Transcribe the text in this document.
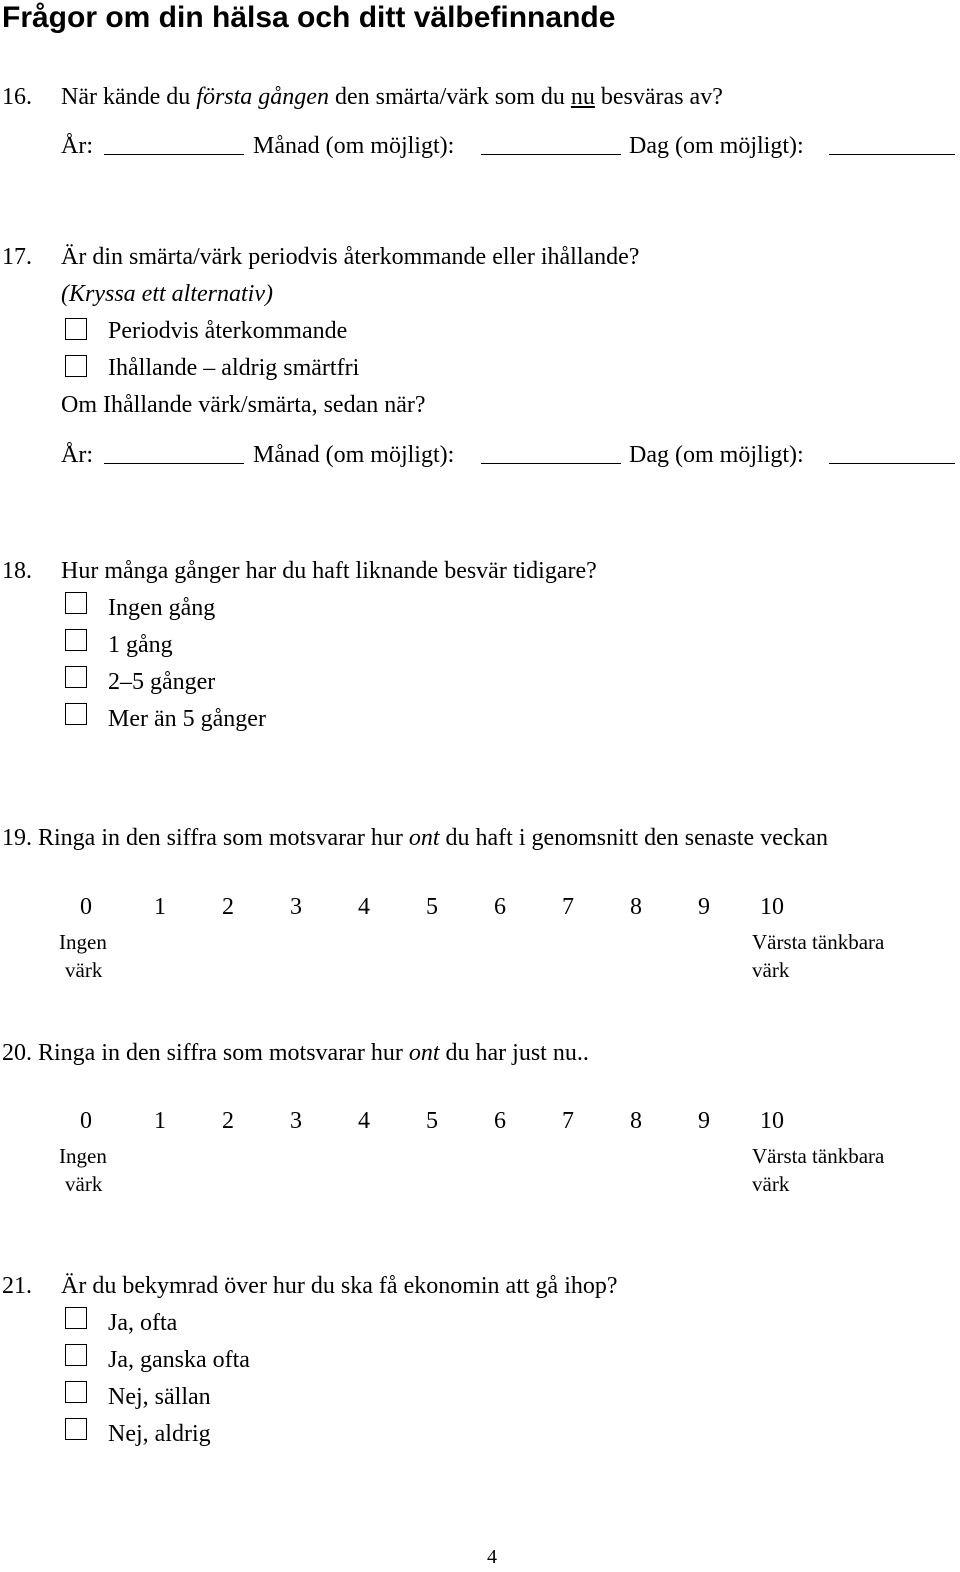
Frågor om din hälsa och ditt välbefinnande
16. När kände du första gången den smärta/värk som du nu besväras av?
År:	Månad (om möjligt):	Dag (om möjligt):
17. Är din smärta/värk periodvis återkommande eller ihållande?
(Kryssa ett alternativ)
Periodvis återkommande
Ihållande – aldrig smärtfri
Om Ihållande värk/smärta, sedan när?
År:	Månad (om möjligt):	Dag (om möjligt):
18. Hur många gånger har du haft liknande besvär tidigare?
Ingen gång
1 gång
2–5 gånger
Mer än 5 gånger
19. Ringa in den siffra som motsvarar hur ont du haft i genomsnitt den senaste veckan
0	1 2 3 4 5 6 7 8 9 10
Ingen
värk
Värsta tänkbara
värk
20. Ringa in den siffra som motsvarar hur ont du har just nu..
0	1 2 3 4 5 6 7 8 9 10
Ingen
värk
Värsta tänkbara
värk
21. Är du bekymrad över hur du ska få ekonomin att gå ihop?
Ja, ofta
Ja, ganska ofta
Nej, sällan
Nej, aldrig
4
